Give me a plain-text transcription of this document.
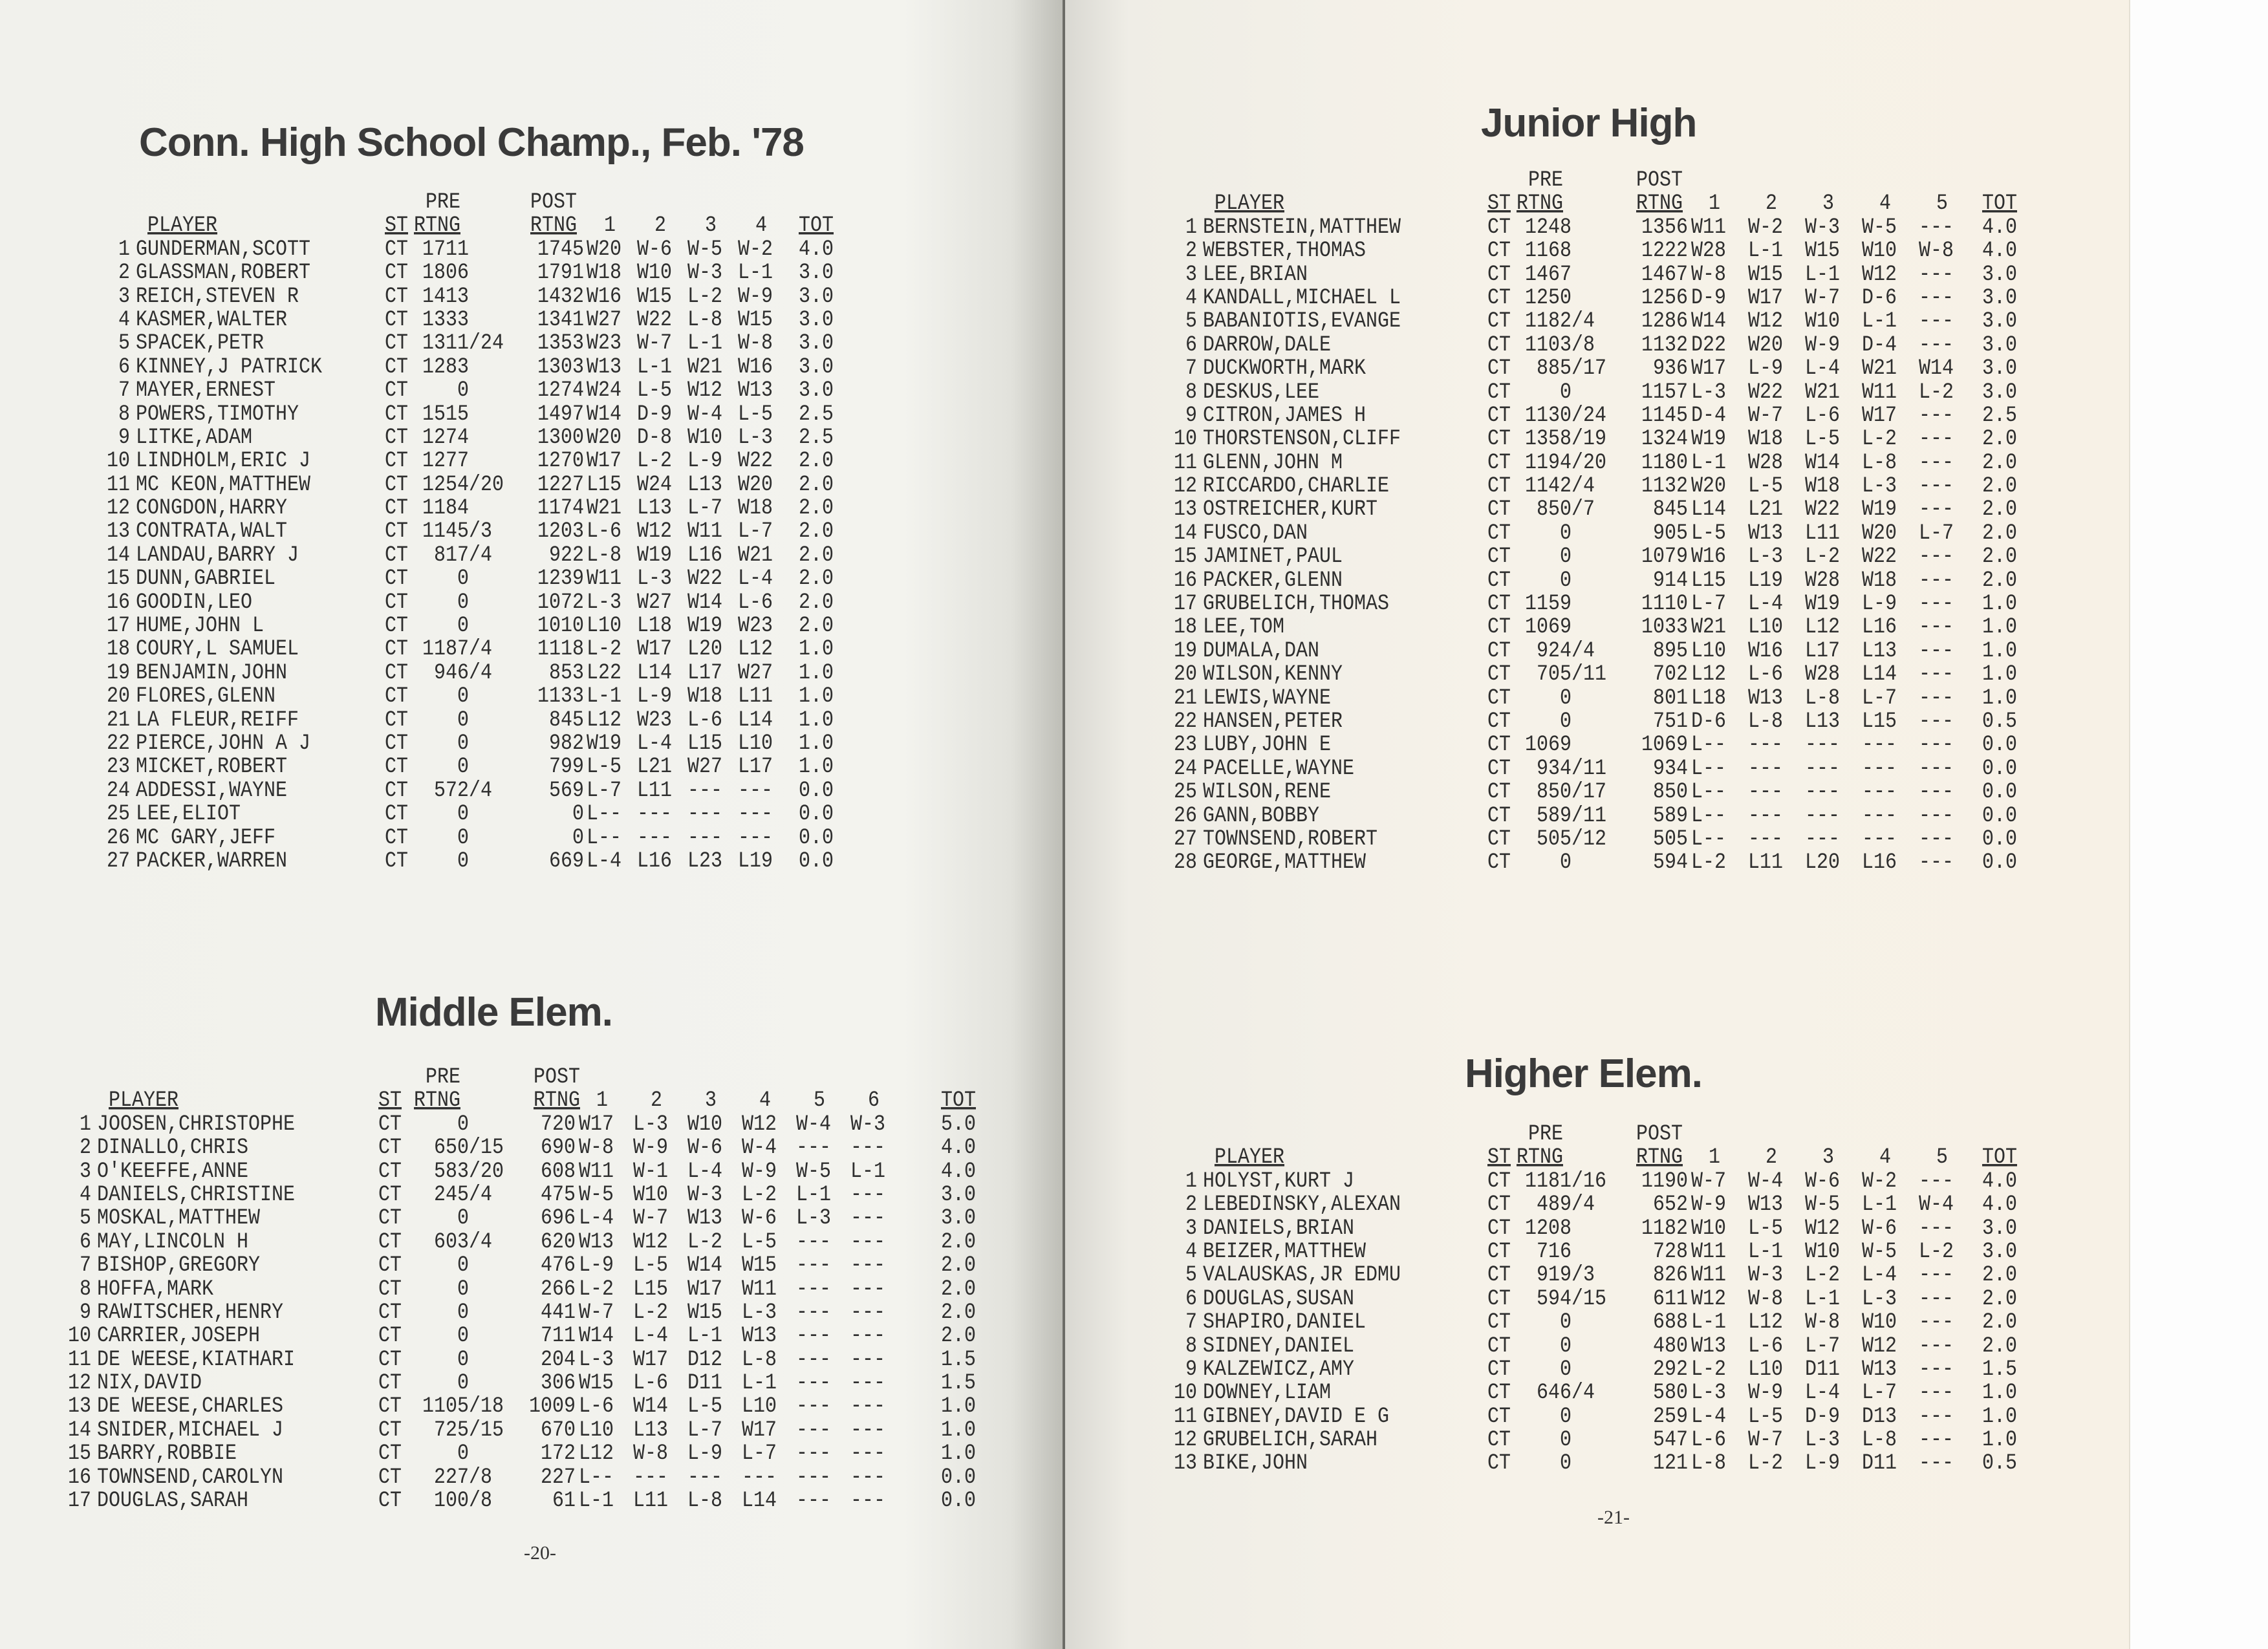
Conn. High School Champ., Feb. '78
PRE	POST
PLAYER	ST RTNG	RTNG 1 2 3 4 TOT
1 GUNDERMAN,SCOTT	CT 1711	1745 W20 W-6 W-5 W-2 4.0
2 GLASSMAN,ROBERT	CT 1806	1791 W18 W10 W-3 L-1 3.0
3 REICH,STEVEN R	CT 1413	1432 W16 W15 L-2 W-9 3.0
4 KASMER,WALTER	CT 1333	1341 W27 W22 L-8 W15 3.0
5 SPACEK,PETR	CT 1311/24 1353 W23 W-7 L-1 W-8 3.0
6 KINNEY,J PATRICK	CT 1283	1303 W13 L-1 W21 W16 3.0
7 MAYER,ERNEST	CT	0	1274 W24 L-5 W12 W13 3.0
8 POWERS,TIMOTHY	CT 1515	1497 W14 D-9 W-4 L-5 2.5
9 LITKE,ADAM	CT 1274	1300 W20 D-8 W10 L-3 2.5
10 LINDHOLM,ERIC J	CT 1277	1270 W17 L-2 L-9 W22 2.0
11 MC KEON,MATTHEW	CT 1254/20 1227 L15 W24 L13 W20 2.0
12 CONGDON,HARRY	CT 1184	1174 W21 L13 L-7 W18 2.0
13 CONTRATA,WALT	CT 1145/3 1203 L-6 W12 W11 L-7 2.0
14 LANDAU,BARRY J	CT 817/4	922 L-8 W19 L16 W21 2.0
15 DUNN,GABRIEL	CT	0	1239 W11 L-3 W22 L-4 2.0
16 GOODIN,LEO	CT	0	1072 L-3 W27 W14 L-6 2.0
17 HUME,JOHN L	CT	0	1010 L10 L18 W19 W23 2.0
18 COURY,L SAMUEL	CT 1187/4 1118 L-2 W17 L20 L12 1.0
19 BENJAMIN,JOHN	CT 946/4	853 L22 L14 L17 W27 1.0
20 FLORES,GLENN	CT	0	1133 L-1 L-9 W18 L11 1.0
21 LA FLEUR,REIFF	CT	0	845 L12 W23 L-6 L14 1.0
22 PIERCE,JOHN A J	CT	0	982 W19 L-4 L15 L10 1.0
23 MICKET,ROBERT	CT	0	799 L-5 L21 W27 L17 1.0
24 ADDESSI,WAYNE	CT 572/4	569 L-7 L11 --- --- 0.0
25 LEE,ELIOT	CT	0	0 L-- --- --- --- 0.0
26 MC GARY,JEFF	CT	0	0 L-- --- --- --- 0.0
27 PACKER,WARREN	CT	0	669 L-4 L16 L23 L19 0.0
Middle Elem.
PRE	POST
PLAYER	ST RTNG	RTNG 1 2 3 4 5 6	TOT
1 JOOSEN,CHRISTOPHE	CT	0	720 W17 L-3 W10 W12 W-4 W-3	5.0
2 DINALLO,CHRIS	CT 650/15 690 W-8 W-9 W-6 W-4 --- ---	4.0
3 O'KEEFFE,ANNE	CT 583/20 608 W11 W-1 L-4 W-9 W-5 L-1	4.0
4 DANIELS,CHRISTINE	CT 245/4 475 W-5 W10 W-3 L-2 L-1 ---	3.0
5 MOSKAL,MATTHEW	CT	0	696 L-4 W-7 W13 W-6 L-3 ---	3.0
6 MAY,LINCOLN H	CT 603/4 620 W13 W12 L-2 L-5 --- ---	2.0
7 BISHOP,GREGORY	CT	0	476 L-9 L-5 W14 W15 --- ---	2.0
8 HOFFA,MARK	CT	0	266 L-2 L15 W17 W11 --- ---	2.0
9 RAWITSCHER,HENRY	CT	0	441 W-7 L-2 W15 L-3 --- ---	2.0
10 CARRIER,JOSEPH	CT	0	711 W14 L-4 L-1 W13 --- ---	2.0
11 DE WEESE,KIATHARI	CT	0	204 L-3 W17 D12 L-8 --- ---	1.5
12 NIX,DAVID	CT	0	306 W15 L-6 D11 L-1 --- ---	1.5
13 DE WEESE,CHARLES	CT 1105/18 1009 L-6 W14 L-5 L10 --- ---	1.0
14 SNIDER,MICHAEL J	CT 725/15 670 L10 L13 L-7 W17 --- ---	1.0
15 BARRY,ROBBIE	CT	0	172 L12 W-8 L-9 L-7 --- ---	1.0
16 TOWNSEND,CAROLYN	CT 227/8 227 L-- --- --- --- --- ---	0.0
17 DOUGLAS,SARAH	CT 100/8	61 L-1 L11 L-8 L14 --- ---	0.0
-20-
Junior High
PRE	POST
PLAYER	ST RTNG	RTNG 1 2 3 4 5 TOT
1 BERNSTEIN,MATTHEW	CT 1248	1356 W11 W-2 W-3 W-5 --- 4.0
2 WEBSTER,THOMAS	CT 1168	1222 W28 L-1 W15 W10 W-8 4.0
3 LEE,BRIAN	CT 1467	1467 W-8 W15 L-1 W12 --- 3.0
4 KANDALL,MICHAEL L	CT 1250	1256 D-9 W17 W-7 D-6 --- 3.0
5 BABANIOTIS,EVANGE	CT 1182/4 1286 W14 W12 W10 L-1 --- 3.0
6 DARROW,DALE	CT 1103/8 1132 D22 W20 W-9 D-4 --- 3.0
7 DUCKWORTH,MARK	CT 885/17 936 W17 L-9 L-4 W21 W14 3.0
8 DESKUS,LEE	CT	0	1157 L-3 W22 W21 W11 L-2 3.0
9 CITRON,JAMES H	CT 1130/24 1145 D-4 W-7 L-6 W17 --- 2.5
10 THORSTENSON,CLIFF	CT 1358/19 1324 W19 W18 L-5 L-2 --- 2.0
11 GLENN,JOHN M	CT 1194/20 1180 L-1 W28 W14 L-8 --- 2.0
12 RICCARDO,CHARLIE	CT 1142/4 1132 W20 L-5 W18 L-3 --- 2.0
13 OSTREICHER,KURT	CT 850/7	845 L14 L21 W22 W19 --- 2.0
14 FUSCO,DAN	CT	0	905 L-5 W13 L11 W20 L-7 2.0
15 JAMINET,PAUL	CT	0	1079 W16 L-3 L-2 W22 --- 2.0
16 PACKER,GLENN	CT	0	914 L15 L19 W28 W18 --- 2.0
17 GRUBELICH,THOMAS	CT 1159	1110 L-7 L-4 W19 L-9 --- 1.0
18 LEE,TOM	CT 1069	1033 W21 L10 L12 L16 --- 1.0
19 DUMALA,DAN	CT 924/4	895 L10 W16 L17 L13 --- 1.0
20 WILSON,KENNY	CT 705/11 702 L12 L-6 W28 L14 --- 1.0
21 LEWIS,WAYNE	CT	0	801 L18 W13 L-8 L-7 --- 1.0
22 HANSEN,PETER	CT	0	751 D-6 L-8 L13 L15 --- 0.5
23 LUBY,JOHN E	CT 1069	1069 L-- --- --- --- --- 0.0
24 PACELLE,WAYNE	CT 934/11 934 L-- --- --- --- --- 0.0
25 WILSON,RENE	CT 850/17 850 L-- --- --- --- --- 0.0
26 GANN,BOBBY	CT 589/11 589 L-- --- --- --- --- 0.0
27 TOWNSEND,ROBERT	CT 505/12 505 L-- --- --- --- --- 0.0
28 GEORGE,MATTHEW	CT	0	594 L-2 L11 L20 L16 --- 0.0
Higher Elem.
PRE	POST
PLAYER	ST RTNG	RTNG 1 2 3 4 5 TOT
1 HOLYST,KURT J	CT 1181/16 1190 W-7 W-4 W-6 W-2 --- 4.0
2 LEBEDINSKY,ALEXAN	CT 489/4	652 W-9 W13 W-5 L-1 W-4 4.0
3 DANIELS,BRIAN	CT 1208	1182 W10 L-5 W12 W-6 --- 3.0
4 BEIZER,MATTHEW	CT 716	728 W11 L-1 W10 W-5 L-2 3.0
5 VALAUSKAS,JR EDMU	CT 919/3	826 W11 W-3 L-2 L-4 --- 2.0
6 DOUGLAS,SUSAN	CT 594/15 611 W12 W-8 L-1 L-3 --- 2.0
7 SHAPIRO,DANIEL	CT	0	688 L-1 L12 W-8 W10 --- 2.0
8 SIDNEY,DANIEL	CT	0	480 W13 L-6 L-7 W12 --- 2.0
9 KALZEWICZ,AMY	CT	0	292 L-2 L10 D11 W13 --- 1.5
10 DOWNEY,LIAM	CT 646/4	580 L-3 W-9 L-4 L-7 --- 1.0
11 GIBNEY,DAVID E G	CT	0	259 L-4 L-5 D-9 D13 --- 1.0
12 GRUBELICH,SARAH	CT	0	547 L-6 W-7 L-3 L-8 --- 1.0
13 BIKE,JOHN	CT	0	121 L-8 L-2 L-9 D11 --- 0.5
-21-
